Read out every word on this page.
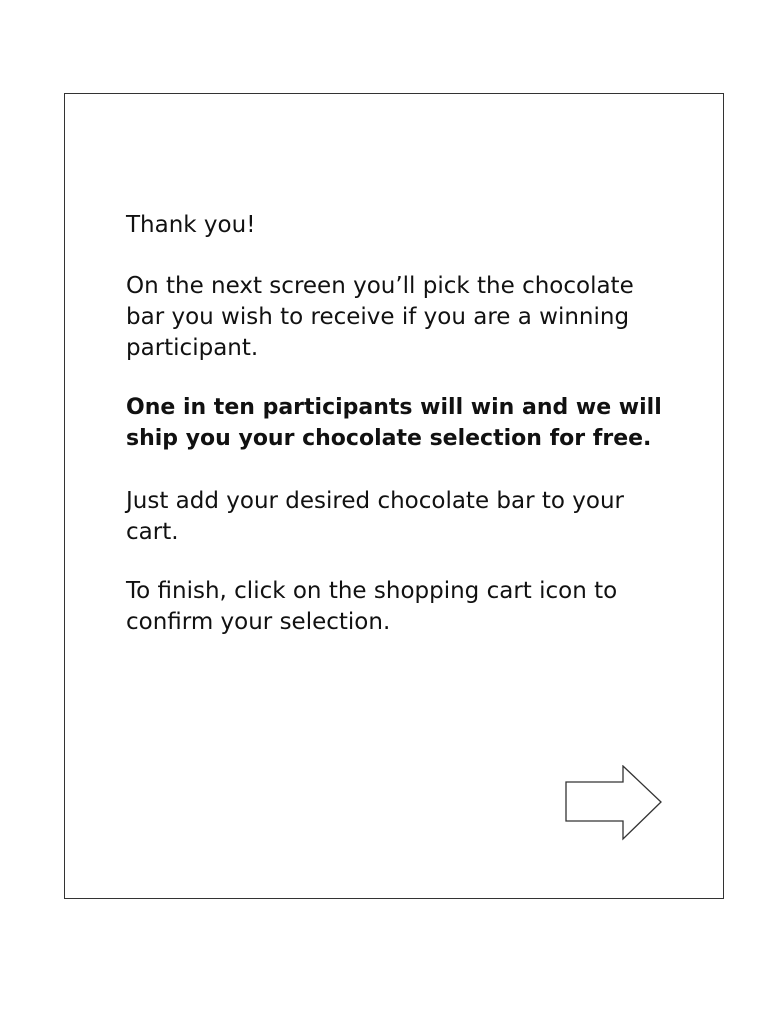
Thank you!

On the next screen you’ll pick the chocolate bar you wish to receive if you are a winning participant.

One in ten participants will win and we will ship you your chocolate selection for free.

Just add your desired chocolate bar to your cart.

To finish, click on the shopping cart icon to confirm your selection.
